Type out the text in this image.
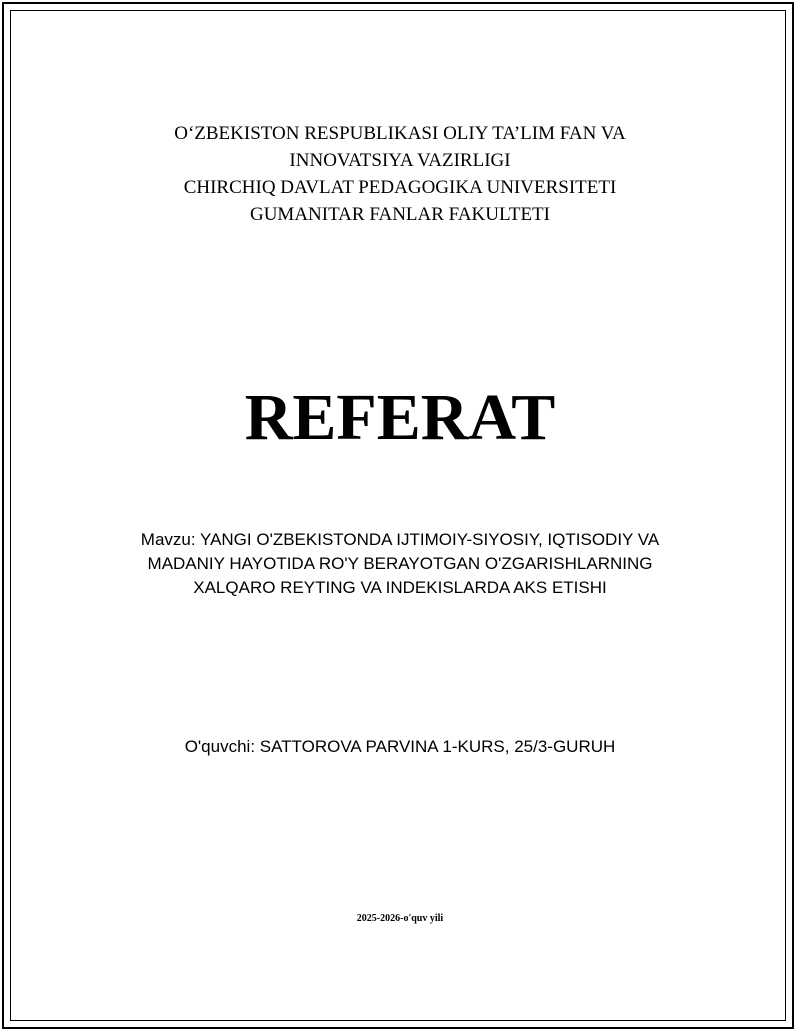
O‘ZBEKISTON RESPUBLIKASI OLIY TA’LIM FAN VA
INNOVATSIYA VAZIRLIGI
CHIRCHIQ DAVLAT PEDAGOGIKA UNIVERSITETI
GUMANITAR FANLAR FAKULTETI
REFERAT
Mavzu: YANGI O'ZBEKISTONDA IJTIMOIY-SIYOSIY, IQTISODIY VA
MADANIY HAYOTIDA RO'Y BERAYOTGAN O'ZGARISHLARNING
XALQARO REYTING VA INDEKISLARDA AKS ETISHI
O'quvchi: SATTOROVA PARVINA 1-KURS, 25/3-GURUH
2025-2026-o'quv yili
